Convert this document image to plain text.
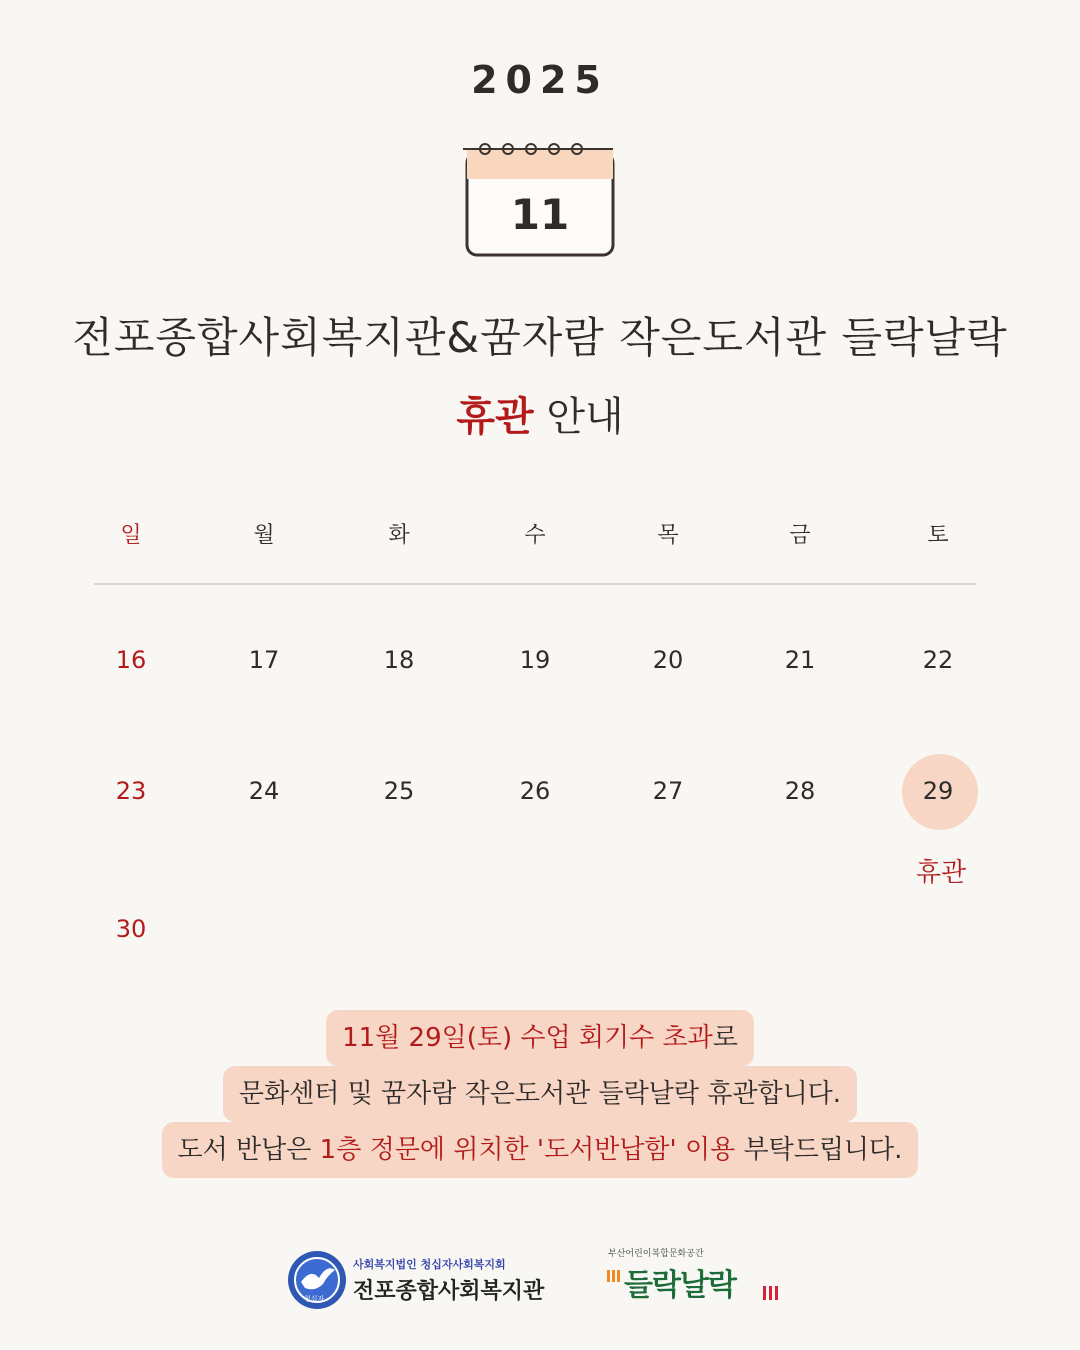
2025
11
전포종합사회복지관&꿈자람 작은도서관 들락날락
휴관 안내
일	월	화	수	목	금	토
16	17	18	19	20	21	22
23	24	25	26	27	28	29
30
휴관
11월 29일(토) 수업 회기수 초과로
문화센터 및 꿈자람 작은도서관 들락날락 휴관합니다.
도서 반납은 1층 정문에 위치한 '도서반납함' 이용 부탁드립니다.
청십자
사회복지법인 청십자사회복지회
전포종합사회복지관
부산어린이복합문화공간
들락날락
